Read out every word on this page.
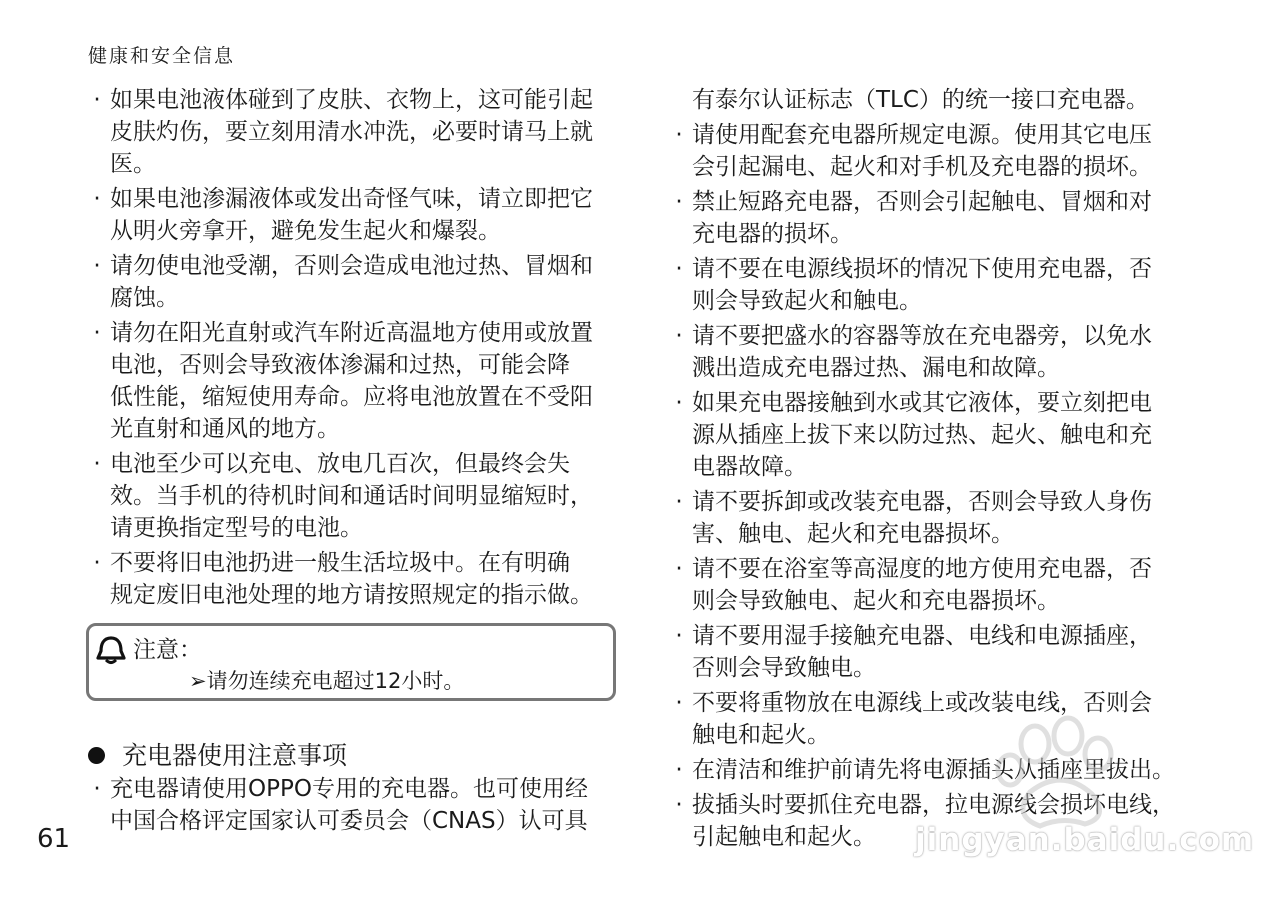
健康和安全信息
· 如果电池液体碰到了皮肤、衣物上，这可能引起
皮肤灼伤，要立刻用清水冲洗，必要时请马上就
医。
· 如果电池渗漏液体或发出奇怪气味，请立即把它
从明火旁拿开，避免发生起火和爆裂。
· 请勿使电池受潮，否则会造成电池过热、冒烟和
腐蚀。
· 请勿在阳光直射或汽车附近高温地方使用或放置
电池，否则会导致液体渗漏和过热，可能会降
低性能，缩短使用寿命。应将电池放置在不受阳
光直射和通风的地方。
· 电池至少可以充电、放电几百次，但最终会失
效。当手机的待机时间和通话时间明显缩短时，
请更换指定型号的电池。
· 不要将旧电池扔进一般生活垃圾中。在有明确
规定废旧电池处理的地方请按照规定的指示做。
注意：
➢请勿连续充电超过12小时。
充电器使用注意事项
· 充电器请使用OPPO专用的充电器。也可使用经
中国合格评定国家认可委员会（CNAS）认可具
有泰尔认证标志（TLC）的统一接口充电器。
· 请使用配套充电器所规定电源。使用其它电压
会引起漏电、起火和对手机及充电器的损坏。
· 禁止短路充电器，否则会引起触电、冒烟和对
充电器的损坏。
· 请不要在电源线损坏的情况下使用充电器，否
则会导致起火和触电。
· 请不要把盛水的容器等放在充电器旁，以免水
溅出造成充电器过热、漏电和故障。
· 如果充电器接触到水或其它液体，要立刻把电
源从插座上拔下来以防过热、起火、触电和充
电器故障。
· 请不要拆卸或改装充电器，否则会导致人身伤
害、触电、起火和充电器损坏。
· 请不要在浴室等高湿度的地方使用充电器，否
则会导致触电、起火和充电器损坏。
· 请不要用湿手接触充电器、电线和电源插座，
否则会导致触电。
· 不要将重物放在电源线上或改装电线，否则会
触电和起火。
· 在清洁和维护前请先将电源插头从插座里拔出。
· 拔插头时要抓住充电器，拉电源线会损坏电线，
引起触电和起火。
61	jingyan.baidu.com
